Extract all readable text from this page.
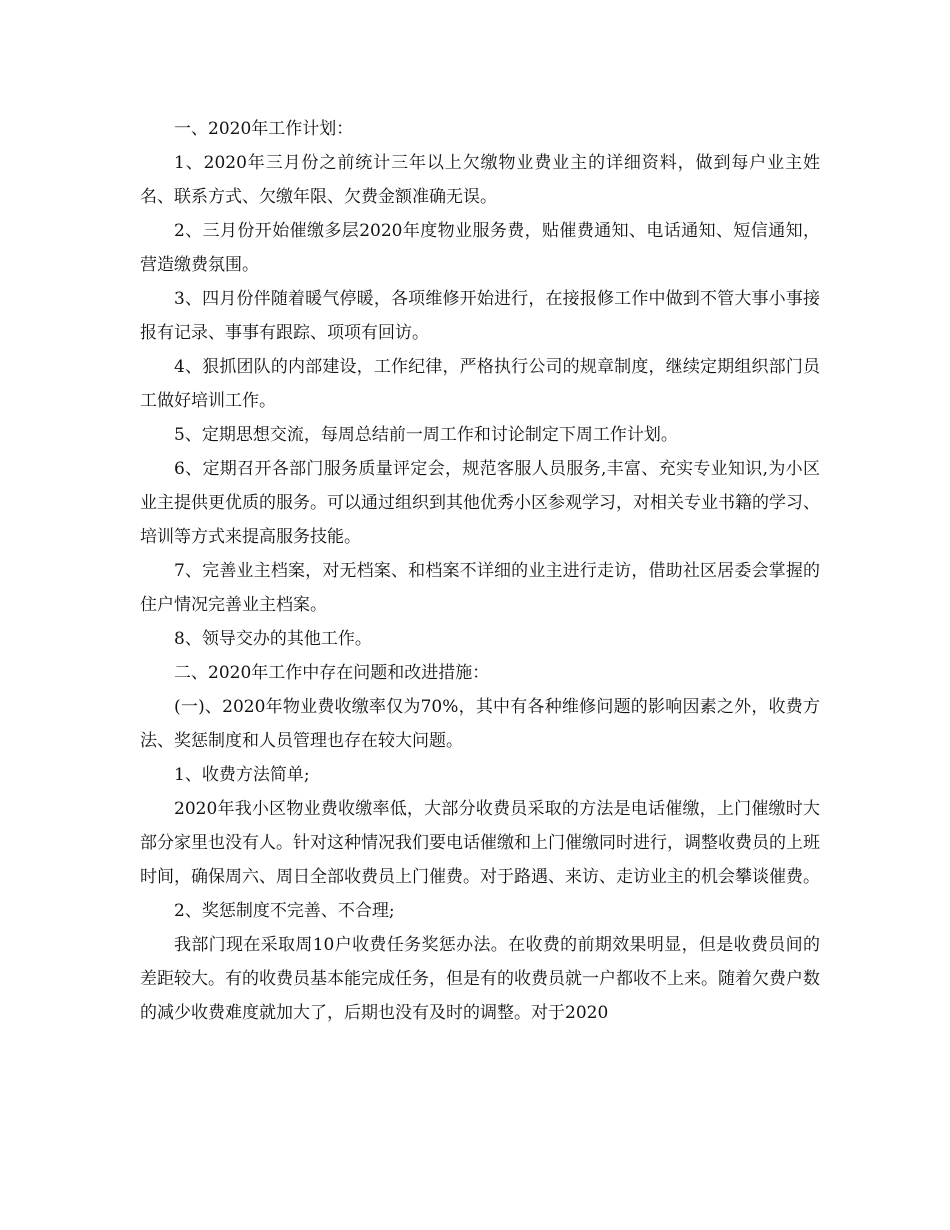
一、2020年工作计划：

1、2020年三月份之前统计三年以上欠缴物业费业主的详细资料，做到每户业主姓名、联系方式、欠缴年限、欠费金额准确无误。

2、三月份开始催缴多层2020年度物业服务费，贴催费通知、电话通知、短信通知，营造缴费氛围。

3、四月份伴随着暖气停暖，各项维修开始进行，在接报修工作中做到不管大事小事接报有记录、事事有跟踪、项项有回访。

4、狠抓团队的内部建设，工作纪律，严格执行公司的规章制度，继续定期组织部门员工做好培训工作。

5、定期思想交流，每周总结前一周工作和讨论制定下周工作计划。

6、定期召开各部门服务质量评定会，规范客服人员服务,丰富、充实专业知识,为小区业主提供更优质的服务。可以通过组织到其他优秀小区参观学习，对相关专业书籍的学习、培训等方式来提高服务技能。

7、完善业主档案，对无档案、和档案不详细的业主进行走访，借助社区居委会掌握的住户情况完善业主档案。

8、领导交办的其他工作。

二、2020年工作中存在问题和改进措施：

(一)、2020年物业费收缴率仅为70%，其中有各种维修问题的影响因素之外，收费方法、奖惩制度和人员管理也存在较大问题。

1、收费方法简单;

2020年我小区物业费收缴率低，大部分收费员采取的方法是电话催缴，上门催缴时大部分家里也没有人。针对这种情况我们要电话催缴和上门催缴同时进行，调整收费员的上班时间，确保周六、周日全部收费员上门催费。对于路遇、来访、走访业主的机会攀谈催费。

2、奖惩制度不完善、不合理;

我部门现在采取周10户收费任务奖惩办法。在收费的前期效果明显，但是收费员间的差距较大。有的收费员基本能完成任务，但是有的收费员就一户都收不上来。随着欠费户数的减少收费难度就加大了，后期也没有及时的调整。对于2020
